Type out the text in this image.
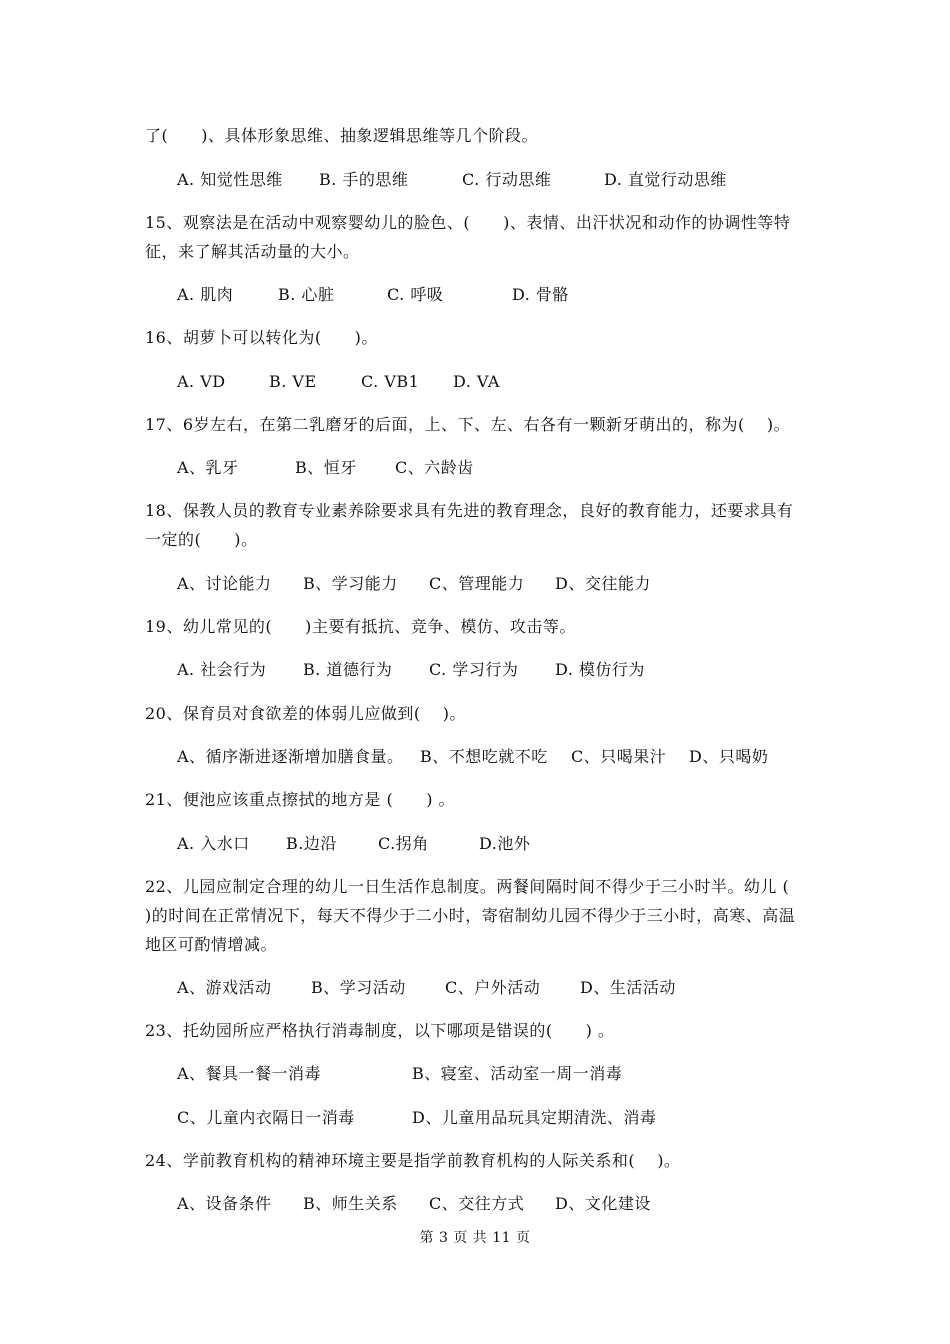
了(　　)、具体形象思维、抽象逻辑思维等几个阶段。
A. 知觉性思维 B. 手的思维	C. 行动思维	D. 直觉行动思维
15、观察法是在活动中观察婴幼儿的脸色、(　　)、表情、出汗状况和动作的协调性等特
征，来了解其活动量的大小。
A. 肌肉	B. 心脏	C. 呼吸	D. 骨骼
16、胡萝卜可以转化为(　　)。
A. VD	B. VE	C. VB1 D. VA
17、6岁左右，在第二乳磨牙的后面，上、下、左、右各有一颗新牙萌出的，称为(　 )。
A、乳牙	B、恒牙 C、六龄齿
18、保教人员的教育专业素养除要求具有先进的教育理念，良好的教育能力，还要求具有
一定的(　　)。
A、讨论能力 B、学习能力 C、管理能力 D、交往能力
19、幼儿常见的(　　)主要有抵抗、竞争、模仿、攻击等。
A. 社会行为 B. 道德行为 C. 学习行为 D. 模仿行为
20、保育员对食欲差的体弱儿应做到(　 )。
A、循序渐进逐渐增加膳食量。 B、不想吃就不吃 C、只喝果汁 D、只喝奶
21、便池应该重点擦拭的地方是 (　　) 。
A. 入水口 B.边沿	C.拐角	D.池外
22、儿园应制定合理的幼儿一日生活作息制度。两餐间隔时间不得少于三小时半。幼儿 (
)的时间在正常情况下，每天不得少于二小时，寄宿制幼儿园不得少于三小时，高寒、高温
地区可酌情增减。
A、游戏活动 B、学习活动 C、户外活动 D、生活活动
23、托幼园所应严格执行消毒制度，以下哪项是错误的(　　) 。
A、餐具一餐一消毒	B、寝室、活动室一周一消毒
C、儿童内衣隔日一消毒	D、儿童用品玩具定期清洗、消毒
24、学前教育机构的精神环境主要是指学前教育机构的人际关系和(　 )。
A、设备条件 B、师生关系 C、交往方式 D、文化建设
第 3 页 共 11 页
